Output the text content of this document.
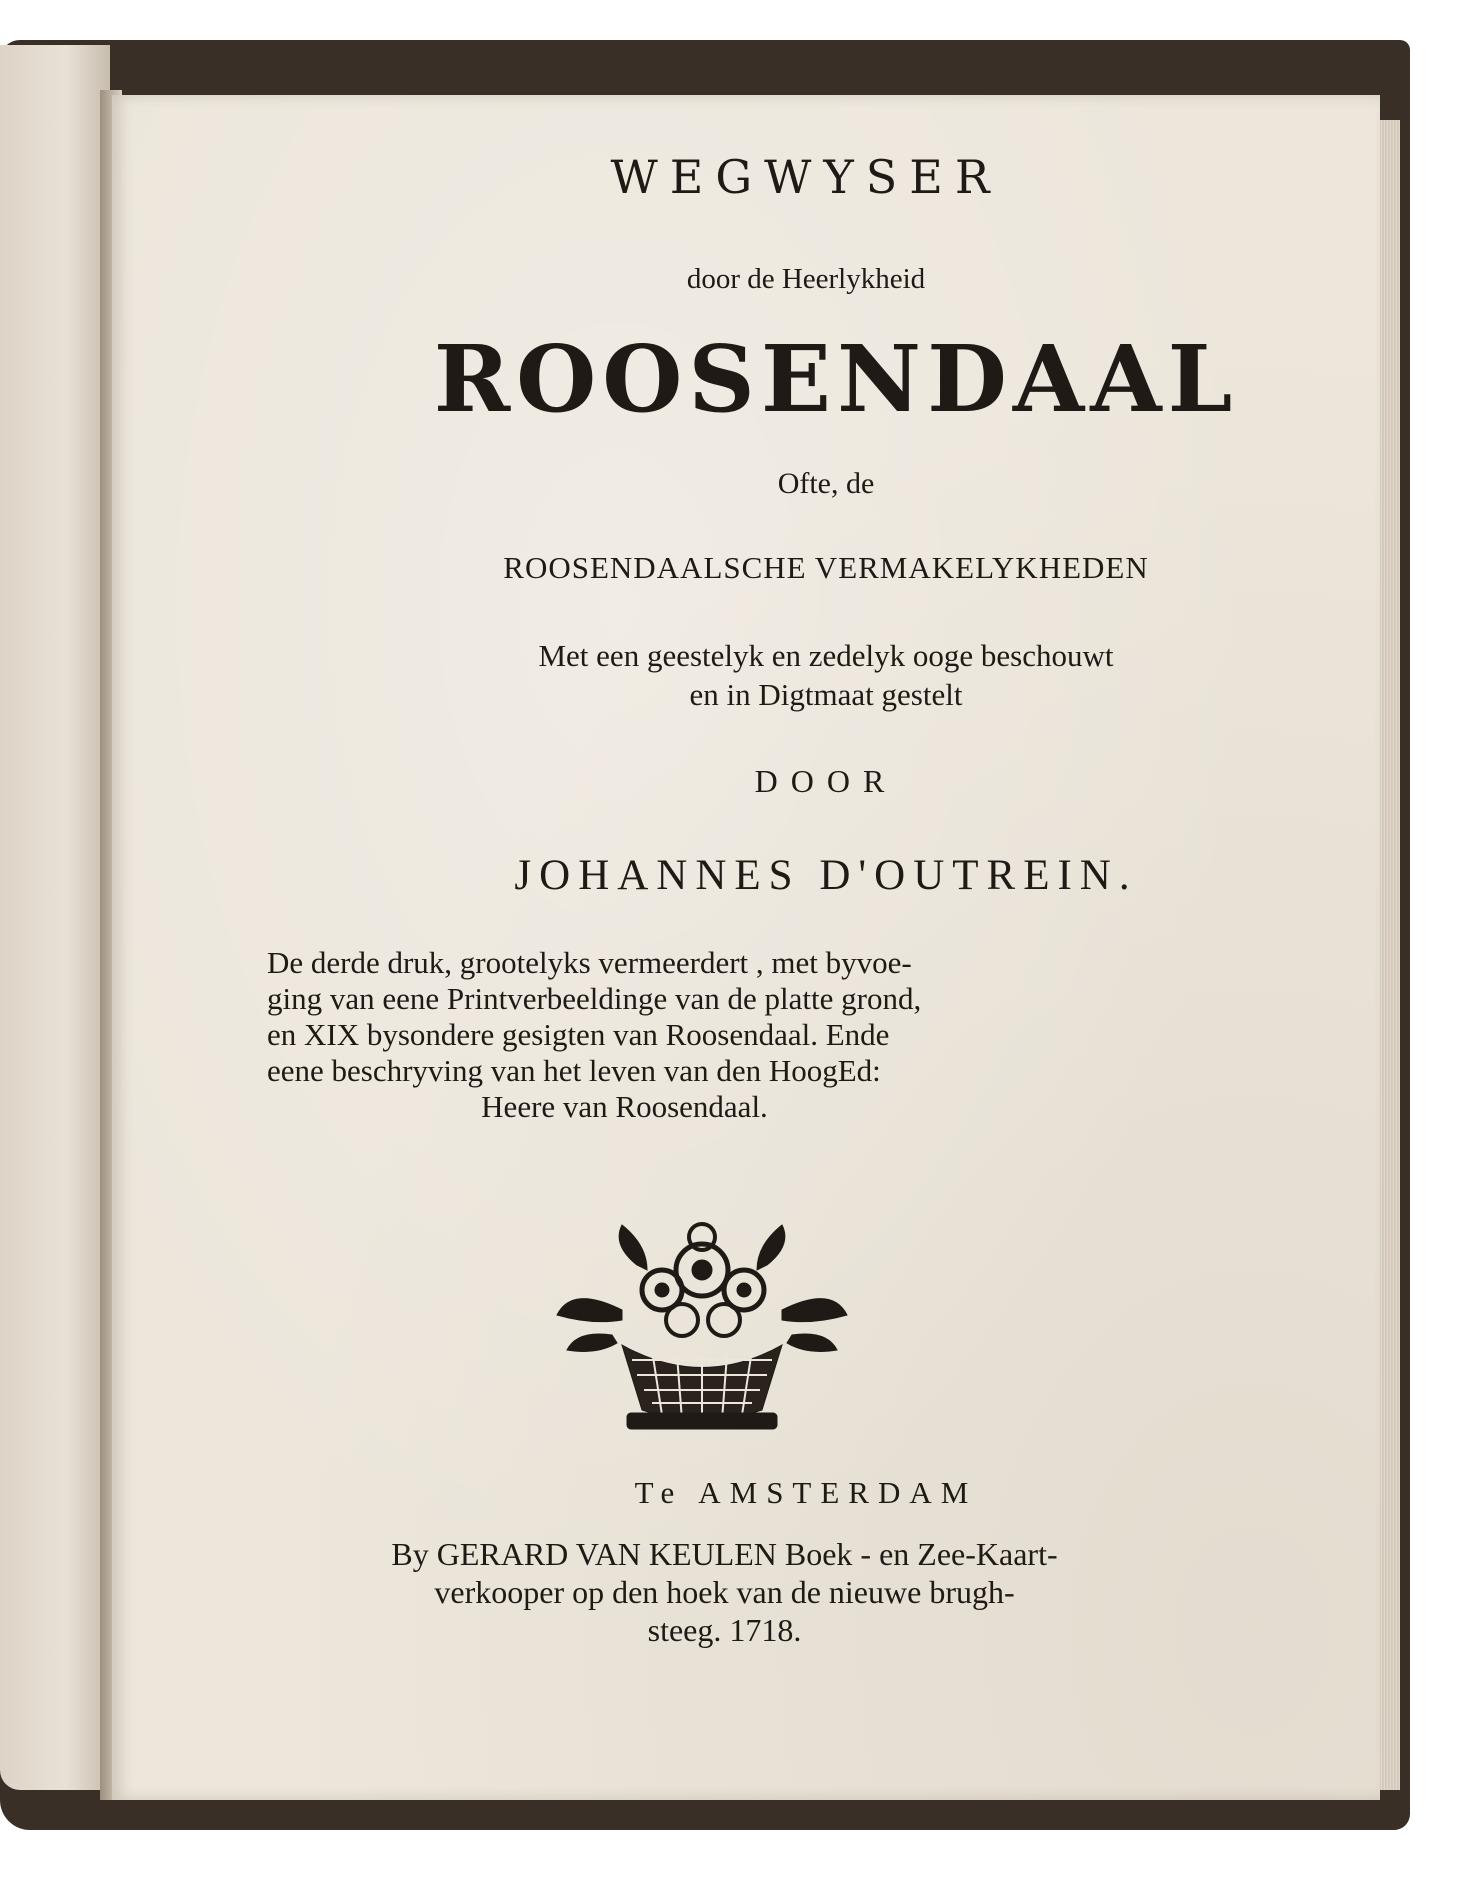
WEGWYSER
door de Heerlykheid
ROOSENDAAL
Ofte, de
ROOSENDAALSCHE VERMAKELYKHEDEN
Met een geestelyk en zedelyk ooge beschouwt
en in Digtmaat gestelt
DOOR
JOHANNES D'OUTREIN.
De derde druk, grootelyks vermeerdert , met byvoe-
ging van eene Printverbeeldinge van de platte grond,
en XIX bysondere gesigten van Roosendaal. Ende
eene beschryving van het leven van den HoogEd:
Heere van Roosendaal.
Te AMSTERDAM
By GERARD VAN KEULEN Boek - en Zee-Kaart-
verkooper op den hoek van de nieuwe brugh-
steeg. 1718.
